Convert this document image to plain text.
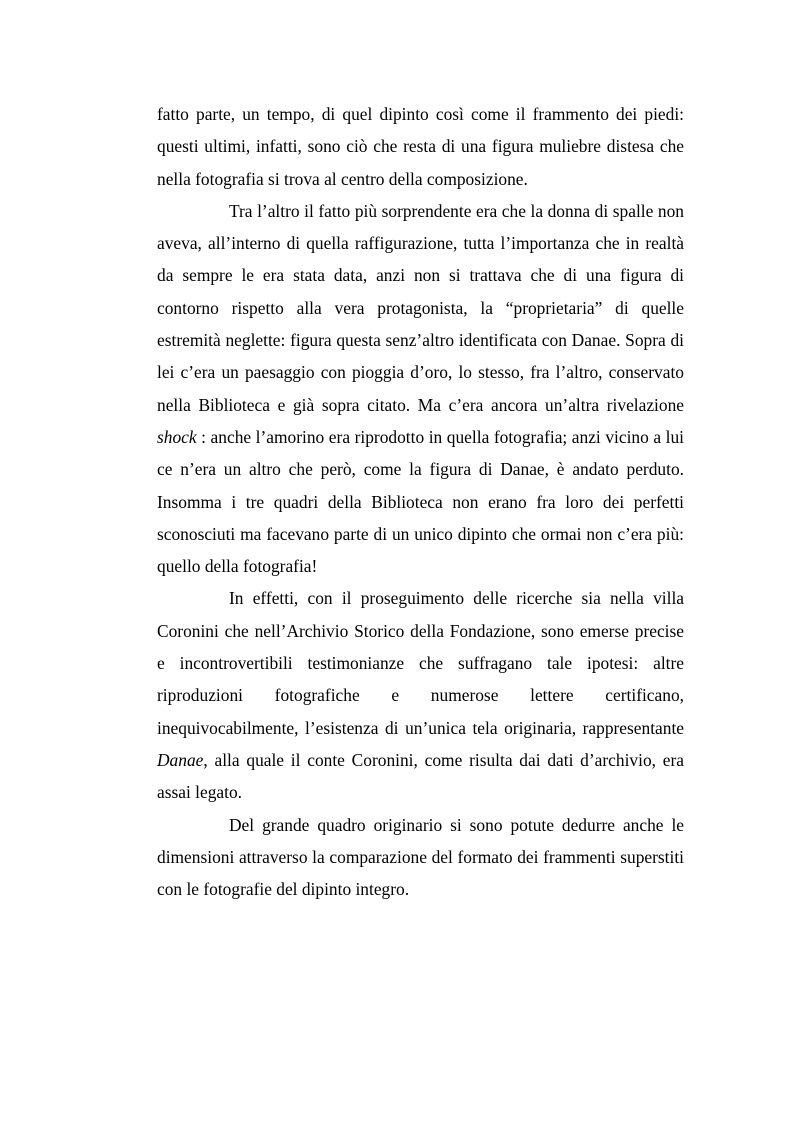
fatto parte, un tempo, di quel dipinto così come il frammento dei piedi: questi ultimi, infatti, sono ciò che resta di una figura muliebre distesa che nella fotografia si trova al centro della composizione.

Tra l’altro il fatto più sorprendente era che la donna di spalle non aveva, all’interno di quella raffigurazione, tutta l’importanza che in realtà da sempre le era stata data, anzi non si trattava che di una figura di contorno rispetto alla vera protagonista, la “proprietaria” di quelle estremità neglette: figura questa senz’altro identificata con Danae. Sopra di lei c’era un paesaggio con pioggia d’oro, lo stesso, fra l’altro, conservato nella Biblioteca e già sopra citato. Ma c’era ancora un’altra rivelazione shock : anche l’amorino era riprodotto in quella fotografia; anzi vicino a lui ce n’era un altro che però, come la figura di Danae, è andato perduto. Insomma i tre quadri della Biblioteca non erano fra loro dei perfetti sconosciuti ma facevano parte di un unico dipinto che ormai non c’era più: quello della fotografia!

In effetti, con il proseguimento delle ricerche sia nella villa Coronini che nell’Archivio Storico della Fondazione, sono emerse precise e incontrovertibili testimonianze che suffragano tale ipotesi: altre riproduzioni fotografiche e numerose lettere certificano, inequivocabilmente, l’esistenza di un’unica tela originaria, rappresentante Danae, alla quale il conte Coronini, come risulta dai dati d’archivio, era assai legato.

Del grande quadro originario si sono potute dedurre anche le dimensioni attraverso la comparazione del formato dei frammenti superstiti con le fotografie del dipinto integro.
